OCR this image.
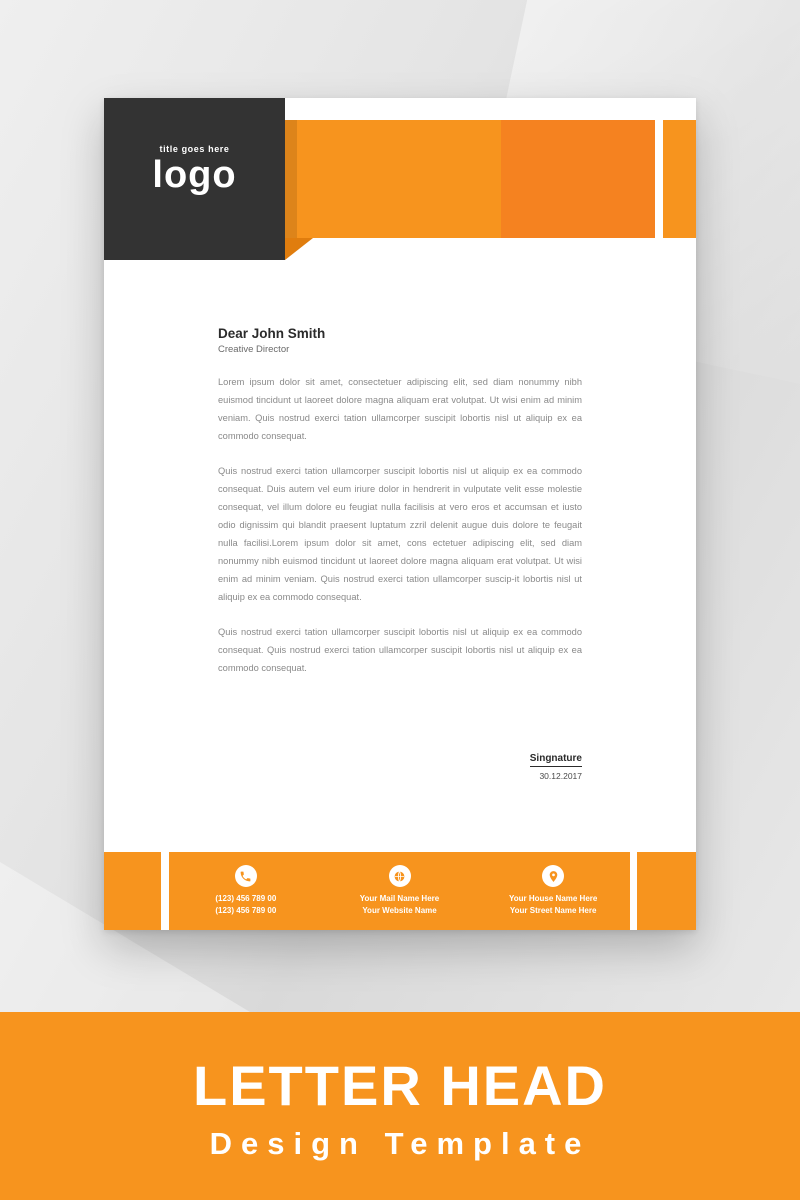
title goes here
logo

Dear John Smith

Creative Director

Lorem ipsum dolor sit amet, consectetuer adipiscing elit, sed diam nonummy nibh euismod tincidunt ut laoreet dolore magna aliquam erat volutpat. Ut wisi enim ad minim veniam. Quis nostrud exerci tation ullamcorper suscipit lobortis nisl ut aliquip ex ea commodo consequat.

Quis nostrud exerci tation ullamcorper suscipit lobortis nisl ut aliquip ex ea commodo consequat. Duis autem vel eum iriure dolor in hendrerit in vulputate velit esse molestie consequat, vel illum dolore eu feugiat nulla facilisis at vero eros et accumsan et iusto odio dignissim qui blandit praesent luptatum zzril delenit augue duis dolore te feugait nulla facilisi.Lorem ipsum dolor sit amet, cons ectetuer adipiscing elit, sed diam nonummy nibh euismod tincidunt ut laoreet dolore magna aliquam erat volutpat. Ut wisi enim ad minim veniam. Quis nostrud exerci tation ullamcorper suscip-it lobortis nisl ut aliquip ex ea commodo consequat.

Quis nostrud exerci tation ullamcorper suscipit lobortis nisl ut aliquip ex ea commodo consequat. Quis nostrud exerci tation ullamcorper suscipit lobortis nisl ut aliquip ex ea commodo consequat.

Singnature
30.12.2017
(123) 456 789 00
(123) 456 789 00
Your Mail Name Here
Your Website Name
Your House Name Here
Your Street Name Here
LETTER HEAD

Design Template
